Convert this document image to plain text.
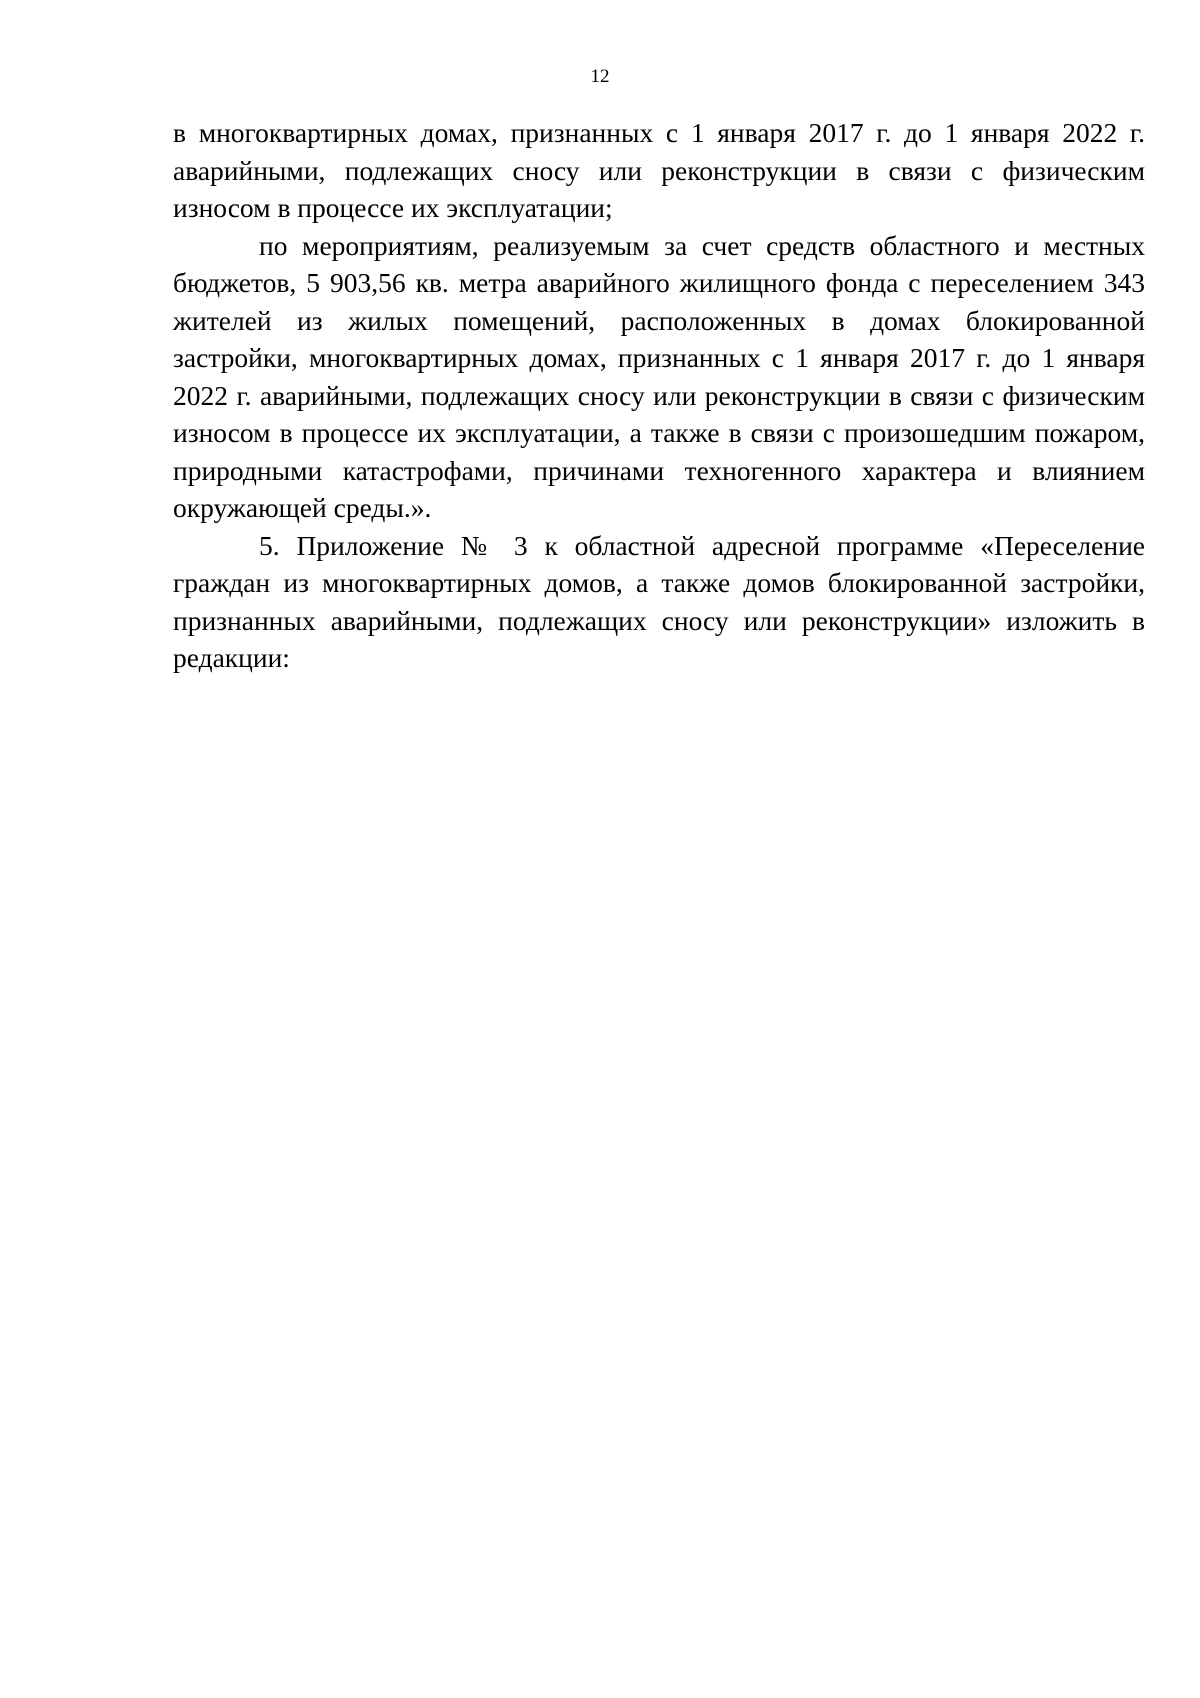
12

в многоквартирных домах, признанных с 1 января 2017 г. до 1 января 2022 г. аварийными, подлежащих сносу или реконструкции в связи с физическим износом в процессе их эксплуатации;

по мероприятиям, реализуемым за счет средств областного и местных бюджетов, 5 903,56 кв. метра аварийного жилищного фонда с переселением 343 жителей из жилых помещений, расположенных в домах блокированной застройки, многоквартирных домах, признанных с 1 января 2017 г. до 1 января 2022 г. аварийными, подлежащих сносу или реконструкции в связи с физическим износом в процессе их эксплуатации, а также в связи с произошедшим пожаром, природными катастрофами, причинами техногенного характера и влиянием окружающей среды.».

5. Приложение № 3 к областной адресной программе «Переселение граждан из многоквартирных домов, а также домов блокированной застройки, признанных аварийными, подлежащих сносу или реконструкции» изложить в редакции:
